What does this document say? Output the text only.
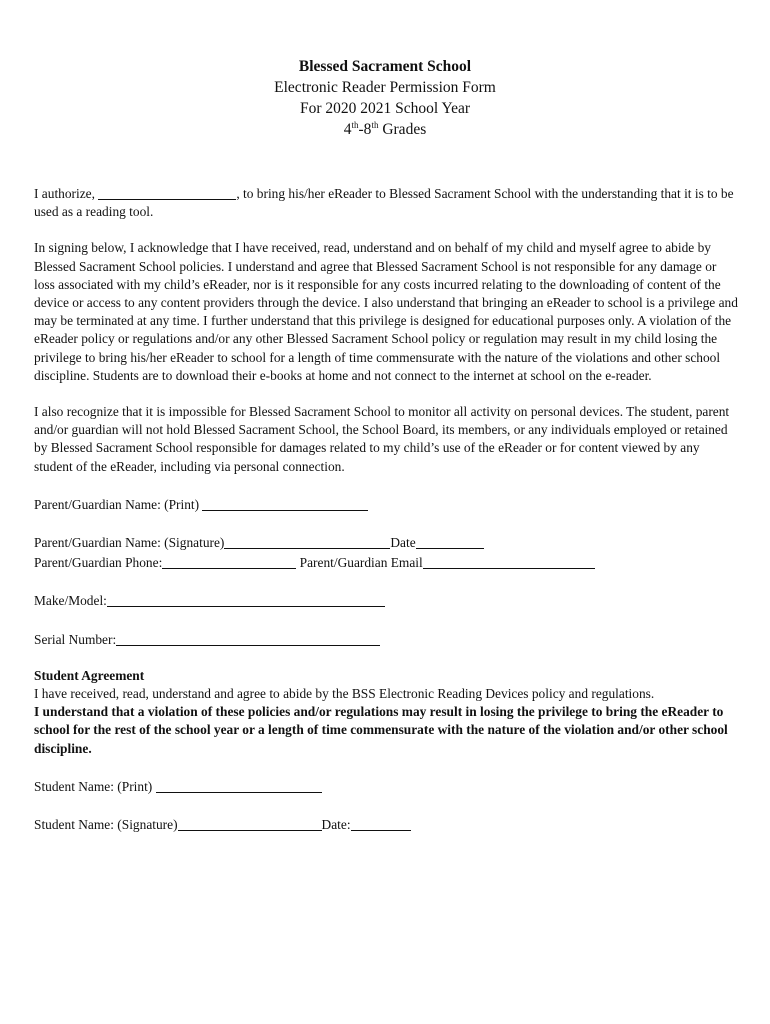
Blessed Sacrament School
Electronic Reader Permission Form
For 2020 2021 School Year
4th-8th Grades

I authorize,	, to bring his/her eReader to Blessed Sacrament School with the understanding that it is to be used as a reading tool.

In signing below, I acknowledge that I have received, read, understand and on behalf of my child and myself agree to abide by Blessed Sacrament School policies. I understand and agree that Blessed Sacrament School is not responsible for any damage or loss associated with my child’s eReader, nor is it responsible for any costs incurred relating to the downloading of content of the device or access to any content providers through the device. I also understand that bringing an eReader to school is a privilege and may be terminated at any time. I further understand that this privilege is designed for educational purposes only. A violation of the eReader policy or regulations and/or any other Blessed Sacrament School policy or regulation may result in my child losing the privilege to bring his/her eReader to school for a length of time commensurate with the nature of the violations and other school discipline. Students are to download their e-books at home and not connect to the internet at school on the e-reader.

I also recognize that it is impossible for Blessed Sacrament School to monitor all activity on personal devices. The student, parent and/or guardian will not hold Blessed Sacrament School, the School Board, its members, or any individuals employed or retained by Blessed Sacrament School responsible for damages related to my child’s use of the eReader or for content viewed by any student of the eReader, including via personal connection.

Parent/Guardian Name: (Print)

Parent/Guardian Name: (Signature)	Date

Parent/Guardian Phone:	Parent/Guardian Email

Make/Model:

Serial Number:

Student Agreement

I have received, read, understand and agree to abide by the BSS Electronic Reading Devices policy and regulations.

I understand that a violation of these policies and/or regulations may result in losing the privilege to bring the eReader to school for the rest of the school year or a length of time commensurate with the nature of the violation and/or other school discipline.

Student Name: (Print)

Student Name: (Signature)	Date:
